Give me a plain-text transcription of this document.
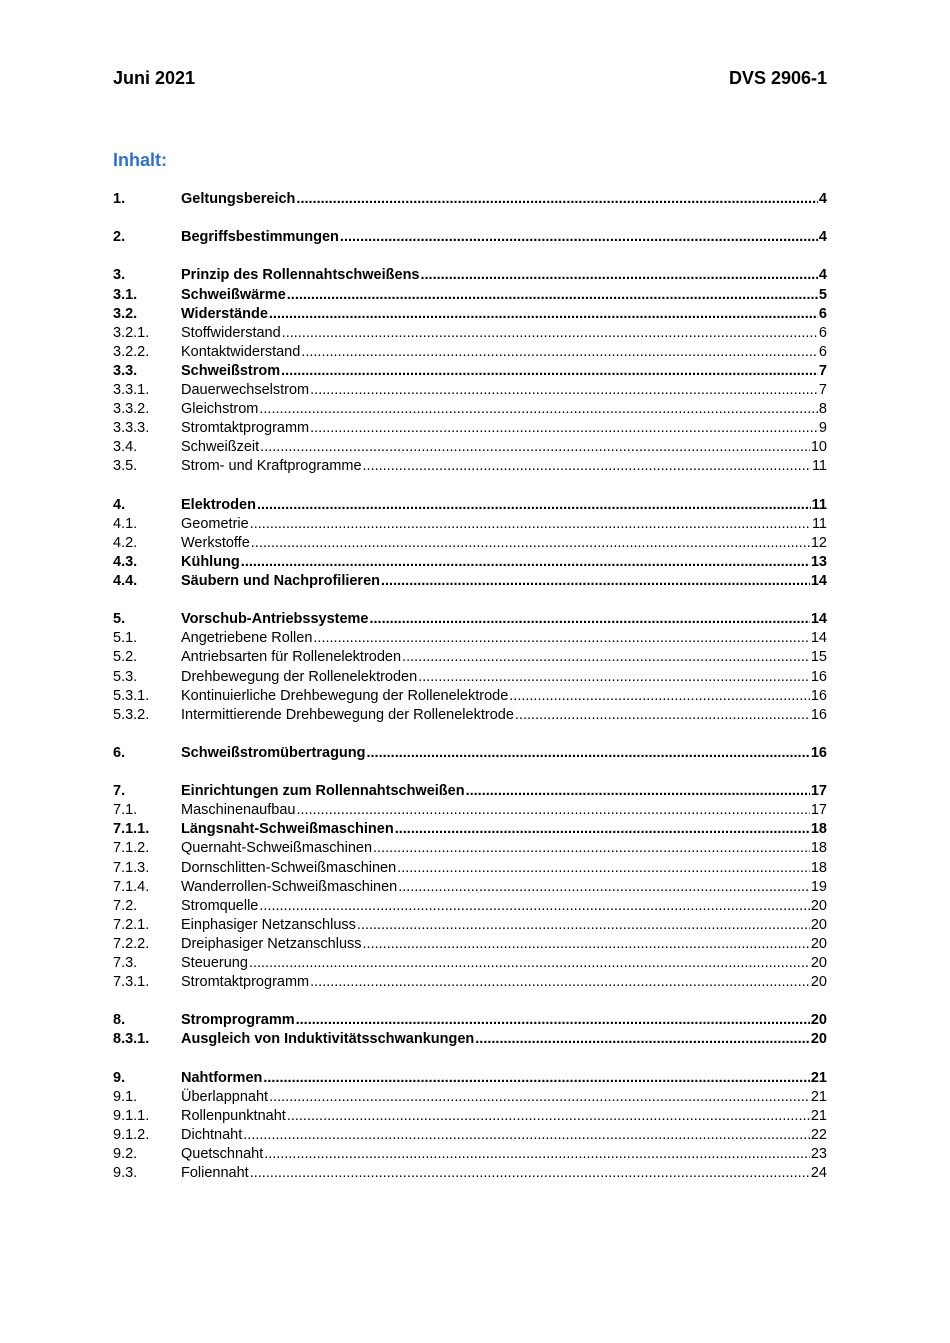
Juni 2021	DVS 2906-1
Inhalt:
1.	Geltungsbereich .....	4
2.	Begriffsbestimmungen .....	4
3.	Prinzip des Rollennahtschweißens .....	4
3.1.	Schweißwärme .....	5
3.2.	Widerstände .....	6
3.2.1. Stoffwiderstand .....	6
3.2.2. Kontaktwiderstand .....	6
3.3.	Schweißstrom .....	7
3.3.1. Dauerwechselstrom .....	7
3.3.2. Gleichstrom .....	8
3.3.3. Stromtaktprogramm .....	9
3.4.	Schweißzeit .....	10
3.5.	Strom- und Kraftprogramme .....	11
4.	Elektroden .....	11
4.1.	Geometrie .....	11
4.2.	Werkstoffe .....	12
4.3.	Kühlung .....	13
4.4.	Säubern und Nachprofilieren .....	14
5.	Vorschub-Antriebssysteme .....	14
5.1.	Angetriebene Rollen .....	14
5.2.	Antriebsarten für Rollenelektroden .....	15
5.3.	Drehbewegung der Rollenelektroden .....	16
5.3.1. Kontinuierliche Drehbewegung der Rollenelektrode .....	16
5.3.2. Intermittierende Drehbewegung der Rollenelektrode .....	16
6.	Schweißstromübertragung .....	16
7.	Einrichtungen zum Rollennahtschweißen .....	17
7.1.	Maschinenaufbau .....	17
7.1.1. Längsnaht-Schweißmaschinen .....	18
7.1.2. Quernaht-Schweißmaschinen .....	18
7.1.3. Dornschlitten-Schweißmaschinen .....	18
7.1.4. Wanderrollen-Schweißmaschinen .....	19
7.2.	Stromquelle .....	20
7.2.1. Einphasiger Netzanschluss .....	20
7.2.2. Dreiphasiger Netzanschluss .....	20
7.3.	Steuerung .....	20
7.3.1. Stromtaktprogramm .....	20
8.	Stromprogramm .....	20
8.3.1. Ausgleich von Induktivitätsschwankungen .....	20
9.	Nahtformen .....	21
9.1.	Überlappnaht .....	21
9.1.1. Rollenpunktnaht .....	21
9.1.2. Dichtnaht .....	22
9.2.	Quetschnaht .....	23
9.3.	Foliennaht .....	24
